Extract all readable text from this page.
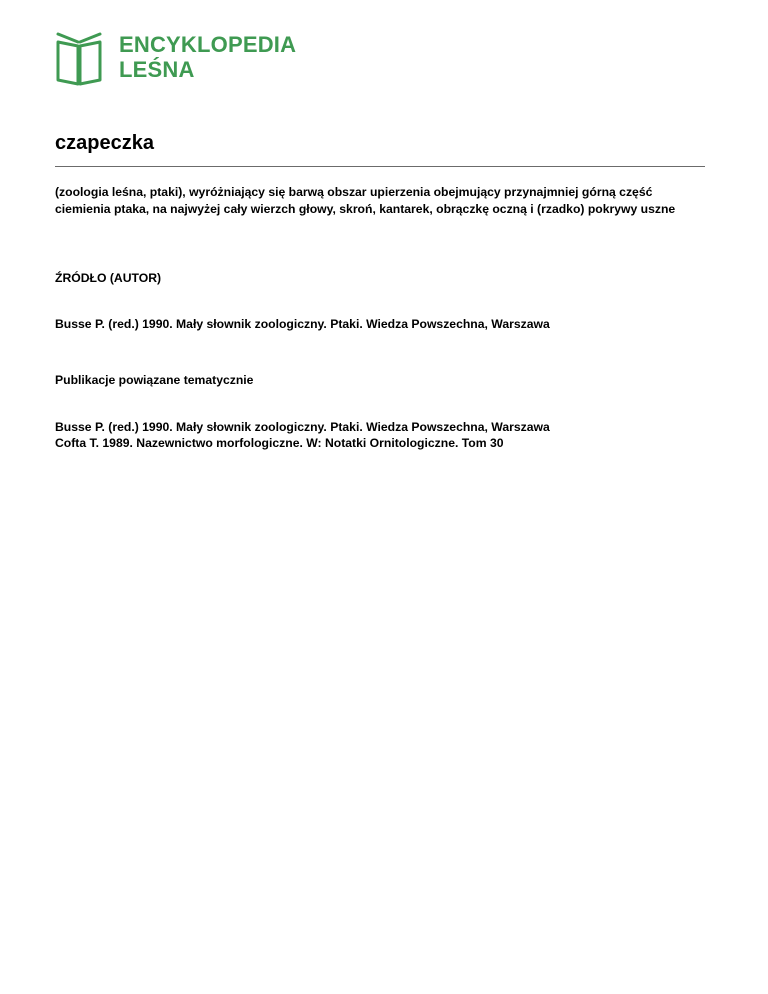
ENCYKLOPEDIA
LEŚNA
czapeczka

(zoologia leśna, ptaki), wyróżniający się barwą obszar upierzenia obejmujący przynajmniej górną część ciemienia ptaka, na najwyżej cały wierzch głowy, skroń, kantarek, obrączkę oczną i (rzadko) pokrywy uszne

ŹRÓDŁO (AUTOR)

Busse P. (red.) 1990. Mały słownik zoologiczny. Ptaki. Wiedza Powszechna, Warszawa

Publikacje powiązane tematycznie
Busse P. (red.) 1990. Mały słownik zoologiczny. Ptaki. Wiedza Powszechna, Warszawa
Cofta T. 1989. Nazewnictwo morfologiczne. W: Notatki Ornitologiczne. Tom 30
